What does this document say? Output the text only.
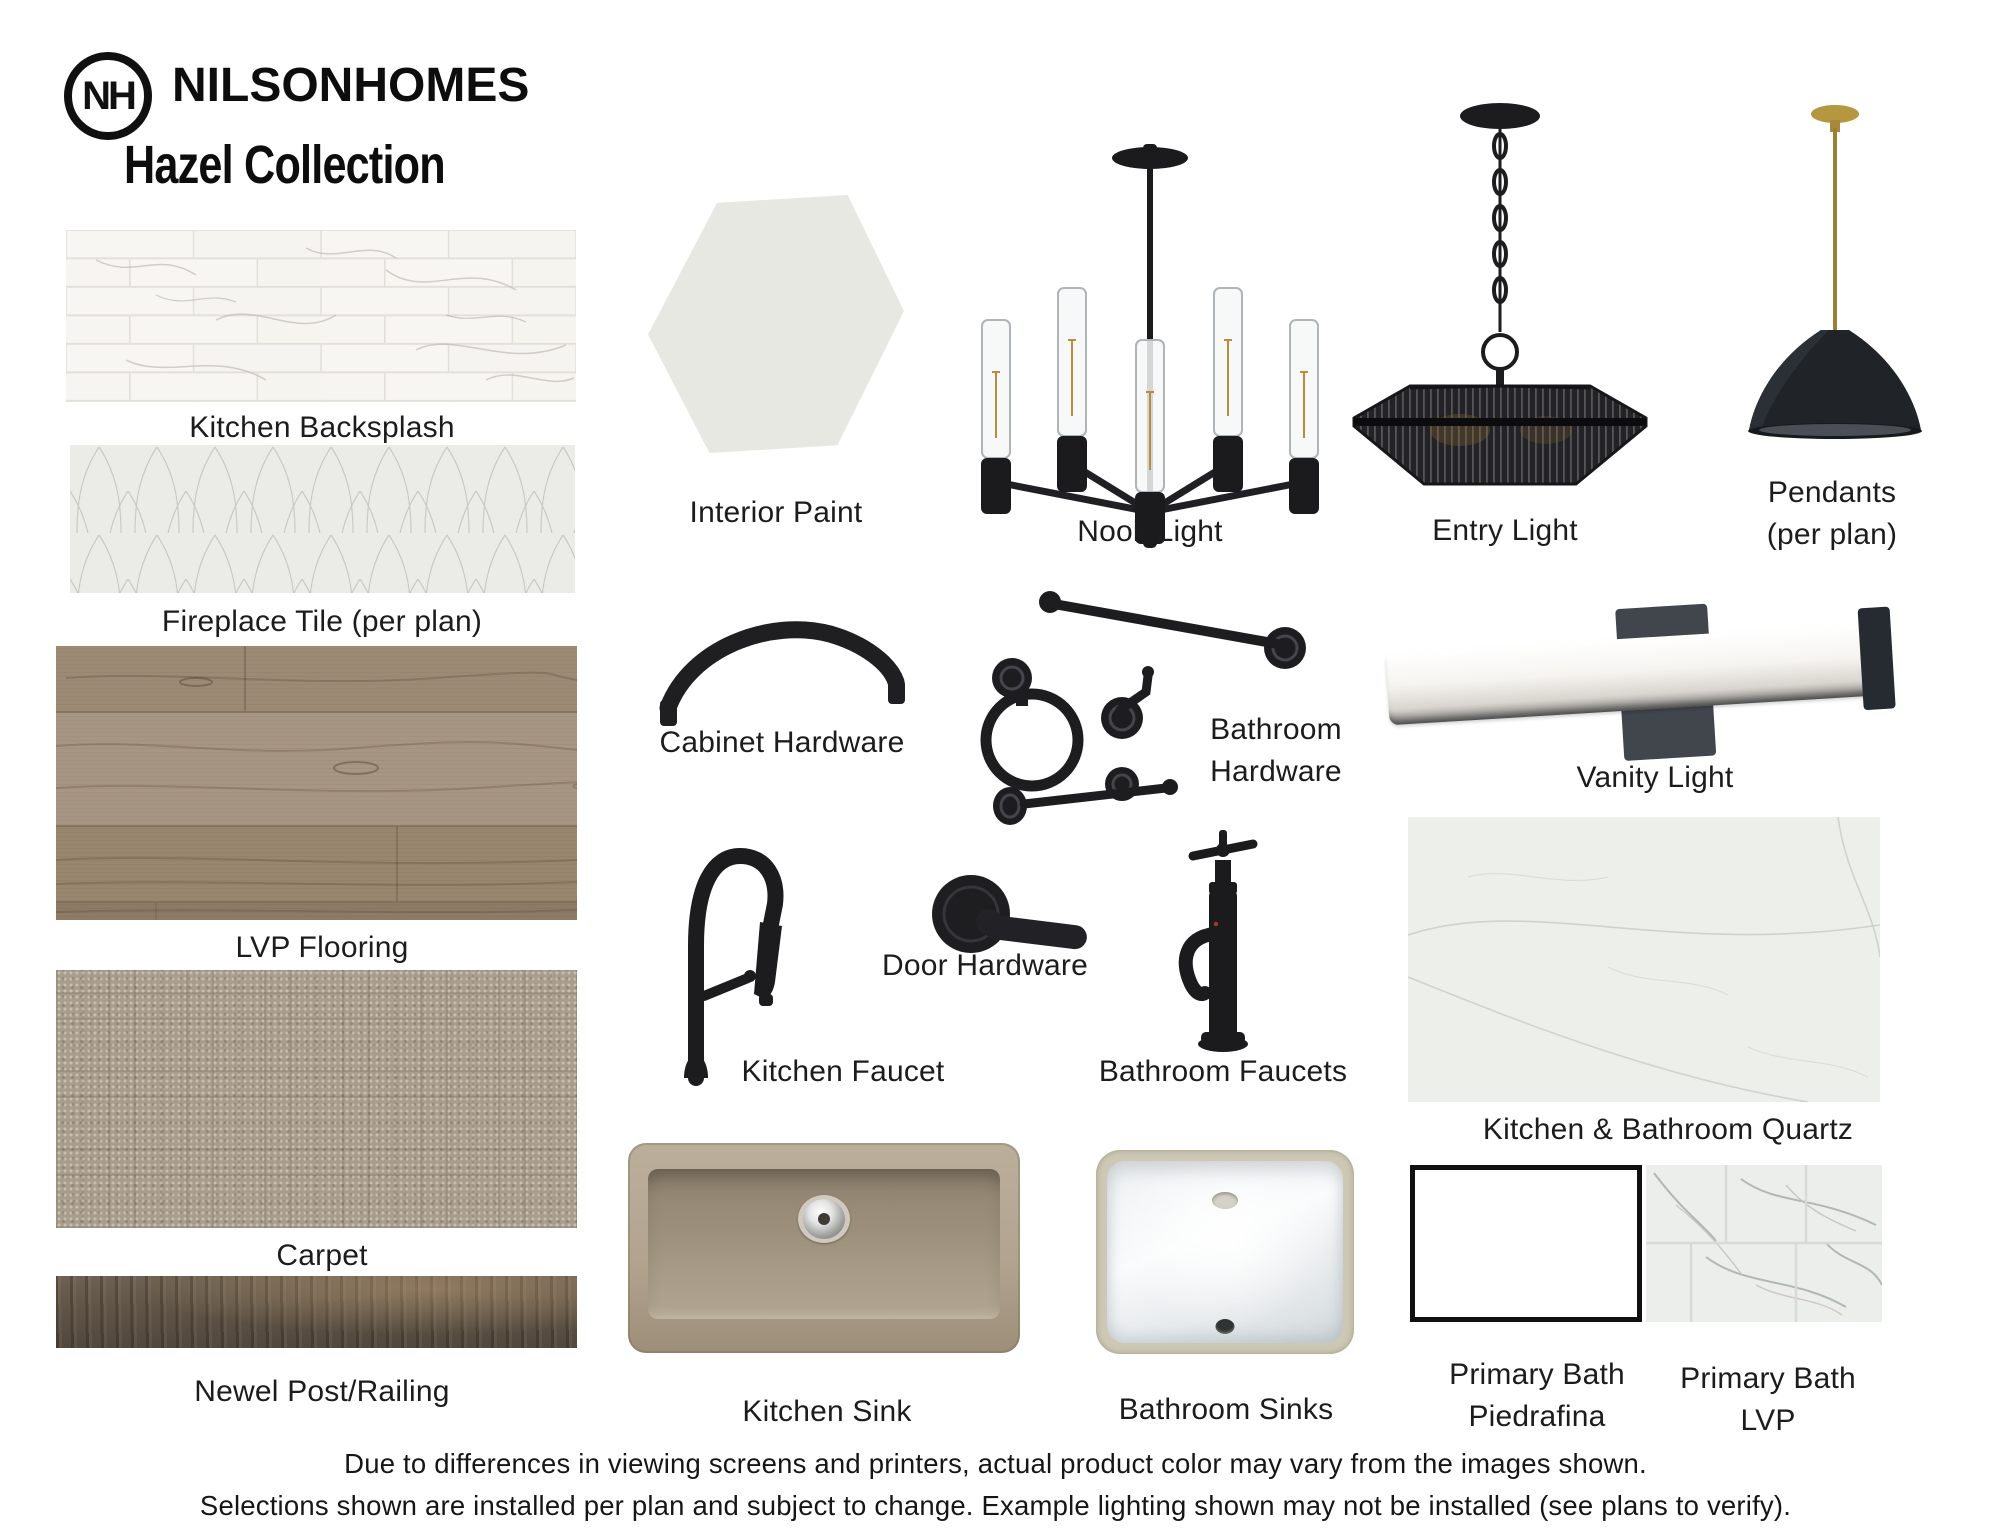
NH NILSONHOMES
Hazel Collection
Kitchen Backsplash
Fireplace Tile (per plan)
LVP Flooring
Carpet
Newel Post/Railing
Interior Paint
Nook Light	Entry Light
Pendants
(per plan)
Cabinet Hardware	Bathroom
Hardware	Vanity Light
Kitchen Faucet
Door Hardware
Bathroom Faucets
Kitchen & Bathroom Quartz
Kitchen Sink	Bathroom Sinks
Primary Bath
Piedrafina
Primary Bath
LVP
Due to differences in viewing screens and printers, actual product color may vary from the images shown.
Selections shown are installed per plan and subject to change. Example lighting shown may not be installed (see plans to verify).
